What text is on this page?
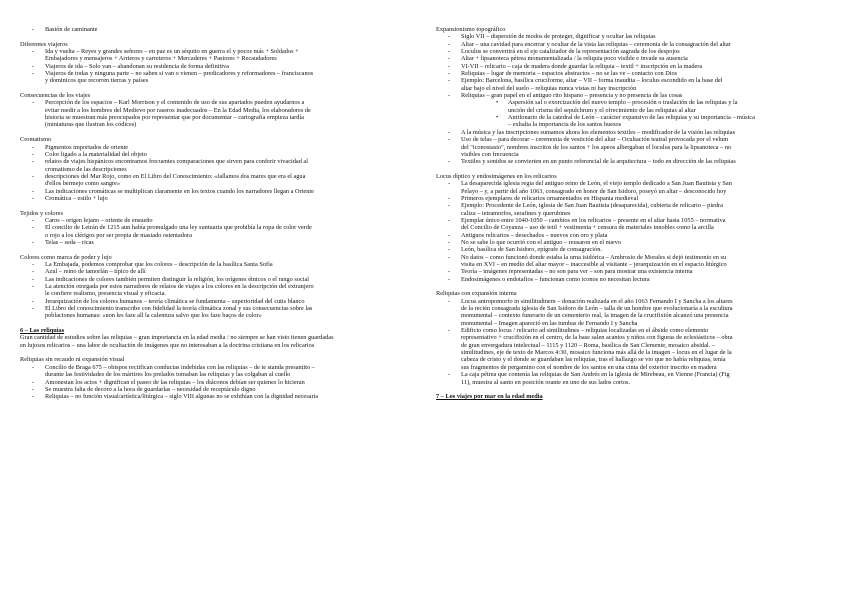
- Bastón de caminante
Diferentes viajeros
- Ida y vuelta – Reyes y grandes señores – en paz es un séquito en guerra el y pocos más + Soldados +
Embajadores y mensajeros + Arrieros y carreteros + Mercaderes + Pastores + Recaudadores
- Viajeros de ida – Solo van – abandonan su residencia de forma definitiva
- Viajeros de todas y ninguna parte – no saben si van o vienen – predicadores y reformadores – franciscanos
y dominicos que recorren tierras y países
Consecuencias de los viajes
- Percepción de los espacios – Karl Morrison y el contenido de uso de sus apartados pueden ayudarnos a
evitar medir a los hombres del Medievo por raseros inadecuados – En la Edad Media, los elaboradores de
historia se muestran más preocupados por representar que por documentar – cartografía empieza tardía
(miniaturas que ilustran los códices)
Cromatismo
- Pigmentos importados de oriente
- Color ligado a la materialidad del objeto
- relatos de viajes hispánicos encontramos frecuentes comparaciones que sirven para conferir vivacidad al
cromatismo de las descripciones
- descripciones del Mar Rojo, como en El Libro del Conoscimiento: «fallamos dos mares que era el agua
d'ellos bermejo como sangre»
- Las indicaciones cromáticas se multiplican claramente en los textos cuando los narradores llegan a Oriente
- Cromática – estilo + lujo
Tejidos y colores
- Caros – origen lejano – oriente de ensueño
- El concilio de Letrán de 1215 aun había promulgado una ley suntuaria que prohibía la ropa de color verde
o rojo a los clérigos por ser propia de masiado ostentadora
- Telas – seda – ricas
Colores como marca de poder y lujo
- La Embajada, podemos comprobar que los colores – descripción de la basílica Santa Sofía
- Azul – reino de tamorlán – típico de allí
- Las indicaciones de colores también permiten distinguir la religión, los orígenes étnicos o el rango social
- La atención otorgada por estos narradores de relatos de viajes a los colores en la descripción del extranjero
le confiere realismo, presencia visual y eficacia.
- Jerarquización de los colores humanos – teoría climática se fundamenta – superioridad del cutis blanco
- El Libro del conoscimiento transcribe con fidelidad la teoría climática zonal y sus consecuencias sobre las
poblaciones humanas: «non les faze all la calentura salvo que los faze baços de color»
6 – Las reliquias
Gran cantidad de estudios sobre las reliquias – gran importancia en la edad media / no siempre se han visto tienen guardadas
en lujosos relicarios – una labor de ocultación de imágenes que no interesaban a la doctrina cristiana en los relicarios
Reliquias sin recaudo ni expansión visual
- Concilio de Braga 675 – obispos rectifican conductas indebidas con las reliquias – de te standa presantito –
durante las festividades de los mártires los prelados tomaban las reliquias y las colgaban al cuello
- Amonestan los actos + dignifican el paseo de las reliquias – los diáconos debían ser quienes lo hicieran
- Se muestra falta de decoro a la hora de guardarlas – necesidad de receptáculo digno
- Reliquias – no función visual/artística/litúrgica – siglo VIII algunas no se exhibían con la dignidad necesaria
Expansionismo topográfico
- Siglo VII – dispersión de modos de proteger, dignificar y ocultar las reliquias
- Altar – una cavidad para encerrar y ocultar de la vista las reliquias – ceremonia de la consagración del altar
- Loculus se convertirá en el eje catalizador de la representación sagrada de los despojos
- Altar + lipsanoteca pétrea monumentalizada / la reliquia poco visible e invade su ausencia
- VI-VII – relicario – caja de madera donde guardar la reliquia – textil + inscripción en la madera
- Reliquias – lugar de memoria – espacios abstractos – no se las ve – contacto con Dios
- Ejemplo: Barcelona, basílica cruciforme, altar – VII – forma inaudita – loculus escondido en la base del
altar bajo el nivel del suelo – reliquias nunca vistas ni hay inscripción
- Reliquias – gran papel en el antiguo rito hispano – presencia y no presencia de las cosas
• Aspersión sal o exorcización del nuevo templo – procesión o traslación de las reliquias y la
unción del crisma del sepulchrum y el ofrecimiento de las reliquias al altar
• Antifonario de la catedral de León – carácter expansivo de las reliquias y su importancia – música
– exhalta la importancia de los santos huesos
- A la música y las inscripciones sumamos ahora los elementos textiles – modificador de la visión las reliquias
- Uso de telas – para decorar – ceremonia de vestición del altar – Ocultación teatral provocada por el velum
del "iconostasio", nombres inscritos de los santos + los apeos albergaban el loculus para la lipsanoteca – no
visibles con frecuencia
- Textiles y sonidos se convierten en un punto referencial de la arquitectura – todo en dirección de las reliquias
Locus díptico y endosimágenes en los relicarios
- La desaparecida iglesia regia del antiguo reino de León, el viejo templo dedicado a San Juan Bautista y San
Pelayo – y, a partir del año 1063, consagrado en honor de San Isidoro, poseyó un altar – desconocido hoy
- Primeros ejemplares de relicarios ornamentados en Hispania medieval
- Ejemplo: Procedente de León, iglesia de San Juan Bautista (desaparecida), cubierta de relicario – piedra
caliza – tetramorfos, serafines y querubines
- Ejemplar único entre 1040-1050 – cambios en los relicarios – presente en el altar hasta 1055 – normativa
del Concilio de Coyanza – uso de tetil + vestimenta + censura de materiales innobles como la arcilla
- Antiguos relicarios – desechados – nuevos con oro y plata
- No se sabe lo que ocurrió con el antiguo – reusaron en el nuevo
- León, basílica de San Isidoro, epígrafe de consagración.
- No datos – como funcionó donde estaba la urna isidórica – Ambrosio de Morales si dejó testimonio en su
visita en XVI – en medio del altar mayor – inaccesible al visitante – jerarquización en el espacio litúrgico
- Teoría – imágenes representadas – no son para ver – son para mostrar una existencia interna
- Endosimágenes o endotafios – funcionan como iconos no necesitan lectura
Reliquias con expansión interna
- Locus antropomorfo in similitudinem – donación realizada en el año 1063 Fernando I y Sancha a los altares
de la recién consagrada iglesia de San Isidoro de León – talla de un hombre que evolucionaría a la escultura
monumental – contexto funerario de un cementerio real, la imagen de la crucifixión alcanzó una presencia
monumental – Imagen apareció en las tumbas de Fernando I y Sancha
- Edificio como locus / relicario ad similitudines – reliquias localizadas en el ábside como elemento
representativo + crucifixión en el centro, de la base salen acantos y niños con figuras de eclesiásticos – obra
de gran envergadura intelectual – 1115 y 1120 – Roma, basílica de San Clemente, mosaico absidal. –
similitudines, eje de texto de Marcos 4:30, mosaico funciona más allá de la imagen – locus en el lugar de la
cabeza de cristo y el donde se guardaban las reliquias, tras el hallazgo se vio que no había reliquias, tenía
sus fragmentos de pergamino con el nombre de los santos en una cinta del exterior inscrito en madera
- La caja pétrea que contenía las reliquias de San Andrés en la iglesia de Mirebeau, en Vienne (Francia) (Fig
11), muestra al santo en posición orante en uno de sus lados cortos.
7 – Los viajes por mar en la edad media
